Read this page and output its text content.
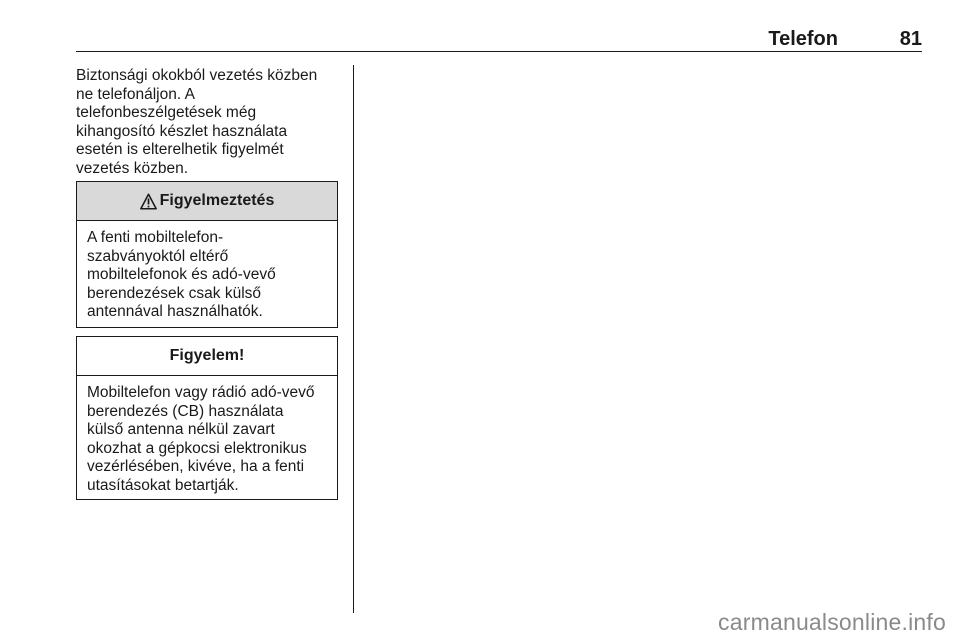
Telefon	81

Biztonsági okokból vezetés közben
ne telefonáljon. A
telefonbeszélgetések még
kihangosító készlet használata
esetén is elterelhetik figyelmét
vezetés közben.

Figyelmeztetés
A fenti mobiltelefon-
szabványoktól eltérő
mobiltelefonok és adó-vevő
berendezések csak külső
antennával használhatók.
Figyelem!
Mobiltelefon vagy rádió adó-vevő
berendezés (CB) használata
külső antenna nélkül zavart
okozhat a gépkocsi elektronikus
vezérlésében, kivéve, ha a fenti
utasításokat betartják.
carmanualsonline.info
